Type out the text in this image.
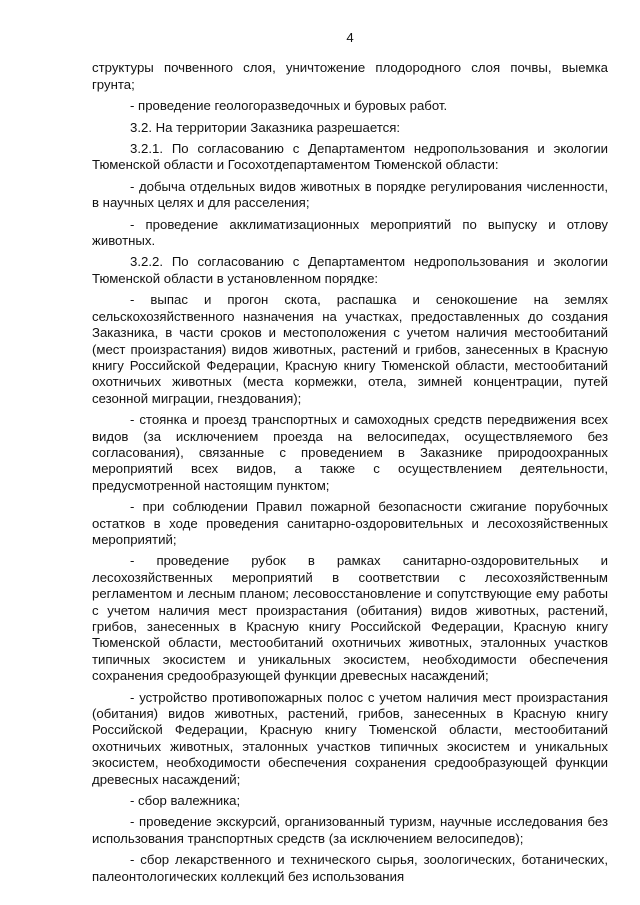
4

структуры почвенного слоя, уничтожение плодородного слоя почвы, выемка грунта;

- проведение геологоразведочных и буровых работ.

3.2. На территории Заказника разрешается:

3.2.1. По согласованию с Департаментом недропользования и экологии Тюменской области и Госохотдепартаментом Тюменской области:

- добыча отдельных видов животных в порядке регулирования численности, в научных целях и для расселения;

- проведение акклиматизационных мероприятий по выпуску и отлову животных.

3.2.2. По согласованию с Департаментом недропользования и экологии Тюменской области в установленном порядке:

- выпас и прогон скота, распашка и сенокошение на землях сельскохозяйственного назначения на участках, предоставленных до создания Заказника, в части сроков и местоположения с учетом наличия местообитаний (мест произрастания) видов животных, растений и грибов, занесенных в Красную книгу Российской Федерации, Красную книгу Тюменской области, местообитаний охотничьих животных (места кормежки, отела, зимней концентрации, путей сезонной миграции, гнездования);

- стоянка и проезд транспортных и самоходных средств передвижения всех видов (за исключением проезда на велосипедах, осуществляемого без согласования), связанные с проведением в Заказнике природоохранных мероприятий всех видов, а также с осуществлением деятельности, предусмотренной настоящим пунктом;

- при соблюдении Правил пожарной безопасности сжигание порубочных остатков в ходе проведения санитарно-оздоровительных и лесохозяйственных мероприятий;

- проведение рубок в рамках санитарно-оздоровительных и лесохозяйственных мероприятий в соответствии с лесохозяйственным регламентом и лесным планом; лесовосстановление и сопутствующие ему работы с учетом наличия мест произрастания (обитания) видов животных, растений, грибов, занесенных в Красную книгу Российской Федерации, Красную книгу Тюменской области, местообитаний охотничьих животных, эталонных участков типичных экосистем и уникальных экосистем, необходимости обеспечения сохранения средообразующей функции древесных насаждений;

- устройство противопожарных полос с учетом наличия мест произрастания (обитания) видов животных, растений, грибов, занесенных в Красную книгу Российской Федерации, Красную книгу Тюменской области, местообитаний охотничьих животных, эталонных участков типичных экосистем и уникальных экосистем, необходимости обеспечения сохранения средообразующей функции древесных насаждений;

- сбор валежника;

- проведение экскурсий, организованный туризм, научные исследования без использования транспортных средств (за исключением велосипедов);

- сбор лекарственного и технического сырья, зоологических, ботанических, палеонтологических коллекций без использования
